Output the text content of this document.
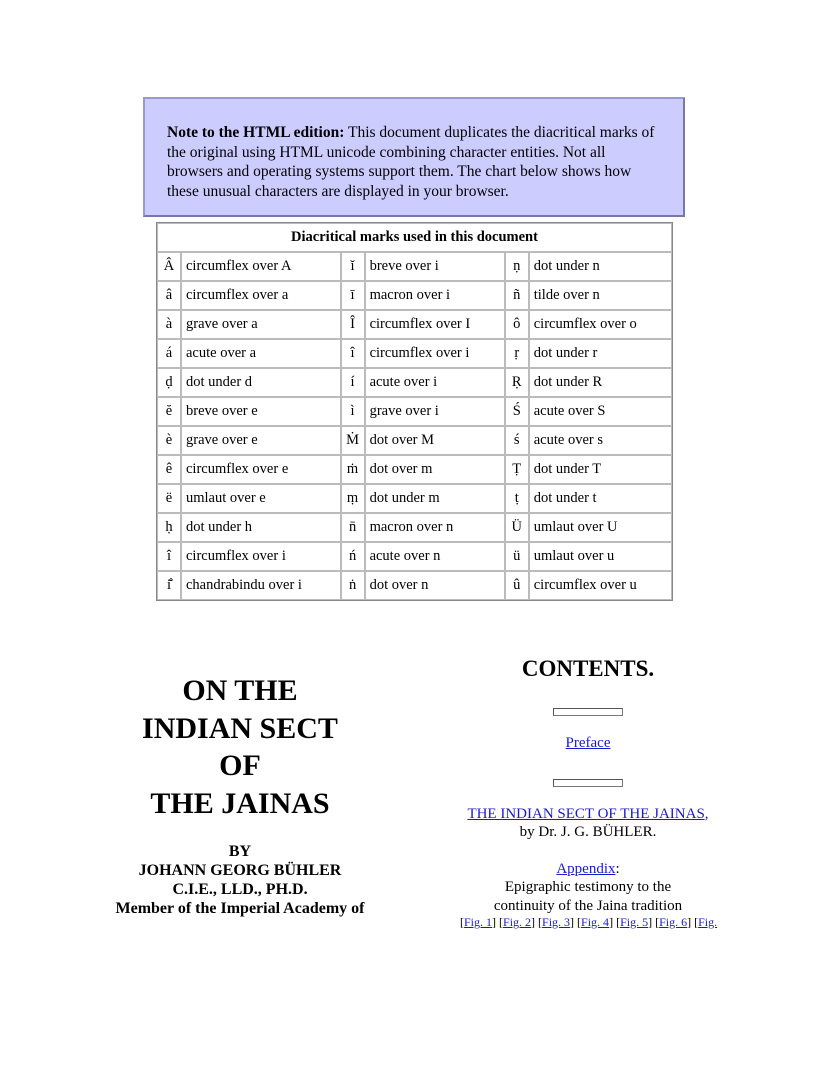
Note to the HTML edition: This document duplicates the diacritical marks of the original using HTML unicode combining character entities. Not all browsers and operating systems support them. The chart below shows how these unusual characters are displayed in your browser.
Diacritical marks used in this document					
Â	circumflex over A	ĭ	breve over i	ṇ	dot under n
â	circumflex over a	ī	macron over i	ñ	tilde over n
à	grave over a	Î	circumflex over I	ô	circumflex over o
á	acute over a	î	circumflex over i	ṛ	dot under r
ḍ	dot under d	í	acute over i	Ṛ	dot under R
ĕ	breve over e	ì	grave over i	Ś	acute over S
è	grave over e	Ṁ	dot over M	ś	acute over s
ê	circumflex over e	ṁ	dot over m	Ṭ	dot under T
ë	umlaut over e	ṃ	dot under m	ṭ	dot under t
ḥ	dot under h	n̄	macron over n	Ü	umlaut over U
î	circumflex over i	ń	acute over n	ü	umlaut over u
i̐	chandrabindu over i	ṅ	dot over n	û	circumflex over u
ON THE
INDIAN SECT
OF
THE JAINAS
BY
JOHANN GEORG BÜHLER
C.I.E., LLD., PH.D.
Member of the Imperial Academy of
CONTENTS.
Preface
THE INDIAN SECT OF THE JAINAS,
by Dr. J. G. BÜHLER.
Appendix:
Epigraphic testimony to the
continuity of the Jaina tradition
[Fig. 1] [Fig. 2] [Fig. 3] [Fig. 4] [Fig. 5] [Fig. 6] [Fig.
